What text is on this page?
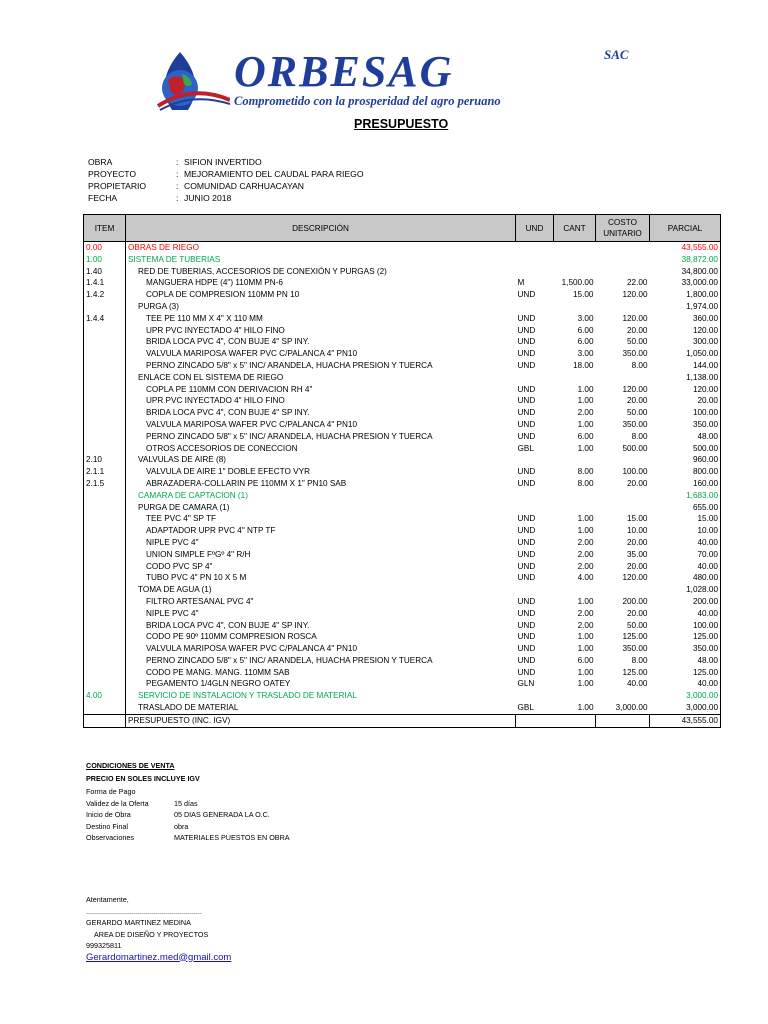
ORBESAG	SAC
Comprometido con la prosperidad del agro peruano
PRESUPUESTO
OBRA	: SIFION INVERTIDO
PROYECTO	: MEJORAMIENTO DEL CAUDAL PARA RIEGO
PROPIETARIO	: COMUNIDAD CARHUACAYAN
FECHA	: JUNIO 2018
ITEM	DESCRIPCIÓN	UND	CANT	COSTO
UNITARIO	PARCIAL
0.00	OBRAS DE RIEGO				43,555.00
1.00	SISTEMA DE TUBERIAS				38,872.00
1.40	RED DE TUBERIAS, ACCESORIOS DE CONEXIÓN Y PURGAS (2)				34,800.00
1.4.1	MANGUERA HDPE (4") 110MM PN-6	M	1,500.00	22.00	33,000.00
1.4.2	COPLA DE COMPRESION 110MM PN 10	UND	15.00	120.00	1,800.00
	PURGA (3)				1,974.00
1.4.4	TEE PE 110 MM X 4" X 110 MM	UND	3.00	120.00	360.00
	UPR PVC INYECTADO 4" HILO FINO	UND	6.00	20.00	120.00
	BRIDA LOCA PVC 4", CON BUJE 4" SP INY.	UND	6.00	50.00	300.00
	VALVULA MARIPOSA WAFER PVC C/PALANCA 4" PN10	UND	3.00	350.00	1,050.00
	PERNO ZINCADO 5/8" x 5" INC/ ARANDELA, HUACHA PRESION Y TUERCA	UND	18.00	8.00	144.00
	ENLACE CON EL SISTEMA DE RIEGO				1,138.00
	COPLA PE 110MM CON DERIVACION RH 4"	UND	1.00	120.00	120.00
	UPR PVC INYECTADO 4" HILO FINO	UND	1.00	20.00	20.00
	BRIDA LOCA PVC 4", CON BUJE 4" SP INY.	UND	2.00	50.00	100.00
	VALVULA MARIPOSA WAFER PVC C/PALANCA 4" PN10	UND	1.00	350.00	350.00
	PERNO ZINCADO 5/8" x 5" INC/ ARANDELA, HUACHA PRESION Y TUERCA	UND	6.00	8.00	48.00
	OTROS ACCESORIOS DE CONECCION	GBL	1.00	500.00	500.00
2.10	VALVULAS DE AIRE (8)				960.00
2.1.1	VALVULA DE AIRE 1" DOBLE EFECTO VYR	UND	8.00	100.00	800.00
2.1.5	ABRAZADERA-COLLARIN PE 110MM X 1" PN10 SAB	UND	8.00	20.00	160.00
	CAMARA DE CAPTACION (1)				1,683.00
	PURGA DE CAMARA (1)				655.00
	TEE PVC 4" SP TF	UND	1.00	15.00	15.00
	ADAPTADOR UPR PVC 4" NTP TF	UND	1.00	10.00	10.00
	NIPLE PVC 4"	UND	2.00	20.00	40.00
	UNION SIMPLE FºGº 4" R/H	UND	2.00	35.00	70.00
	CODO PVC SP 4"	UND	2.00	20.00	40.00
	TUBO PVC 4" PN 10 X 5 M	UND	4.00	120.00	480.00
	TOMA DE AGUA (1)				1,028.00
	FILTRO ARTESANAL PVC 4"	UND	1.00	200.00	200.00
	NIPLE PVC 4"	UND	2.00	20.00	40.00
	BRIDA LOCA PVC 4", CON BUJE 4" SP INY.	UND	2.00	50.00	100.00
	CODO PE 90º 110MM COMPRESION ROSCA	UND	1.00	125.00	125.00
	VALVULA MARIPOSA WAFER PVC C/PALANCA 4" PN10	UND	1.00	350.00	350.00
	PERNO ZINCADO 5/8" x 5" INC/ ARANDELA, HUACHA PRESION Y TUERCA	UND	6.00	8.00	48.00
	CODO PE MANG. MANG. 110MM SAB	UND	1.00	125.00	125.00
	PEGAMENTO 1/4GLN NEGRO OATEY	GLN	1.00	40.00	40.00
4.00	SERVICIO DE INSTALACION Y TRASLADO DE MATERIAL				3,000.00
	TRASLADO DE MATERIAL	GBL	1.00	3,000.00	3,000.00
	PRESUPUESTO (INC. IGV)				43,555.00
CONDICIONES DE VENTA
PRECIO EN SOLES INCLUYE IGV
Forma de Pago
Validez de la Oferta	15 días
Inicio de Obra	05 DIAS GENERADA LA O.C.
Destino Final	obra
Observaciones	MATERIALES PUESTOS EN OBRA
Atentamente,
..........................................................
GERARDO MARTINEZ MEDINA
AREA DE DISEÑO Y PROYECTOS
999325811
Gerardomartinez.med@gmail.com
